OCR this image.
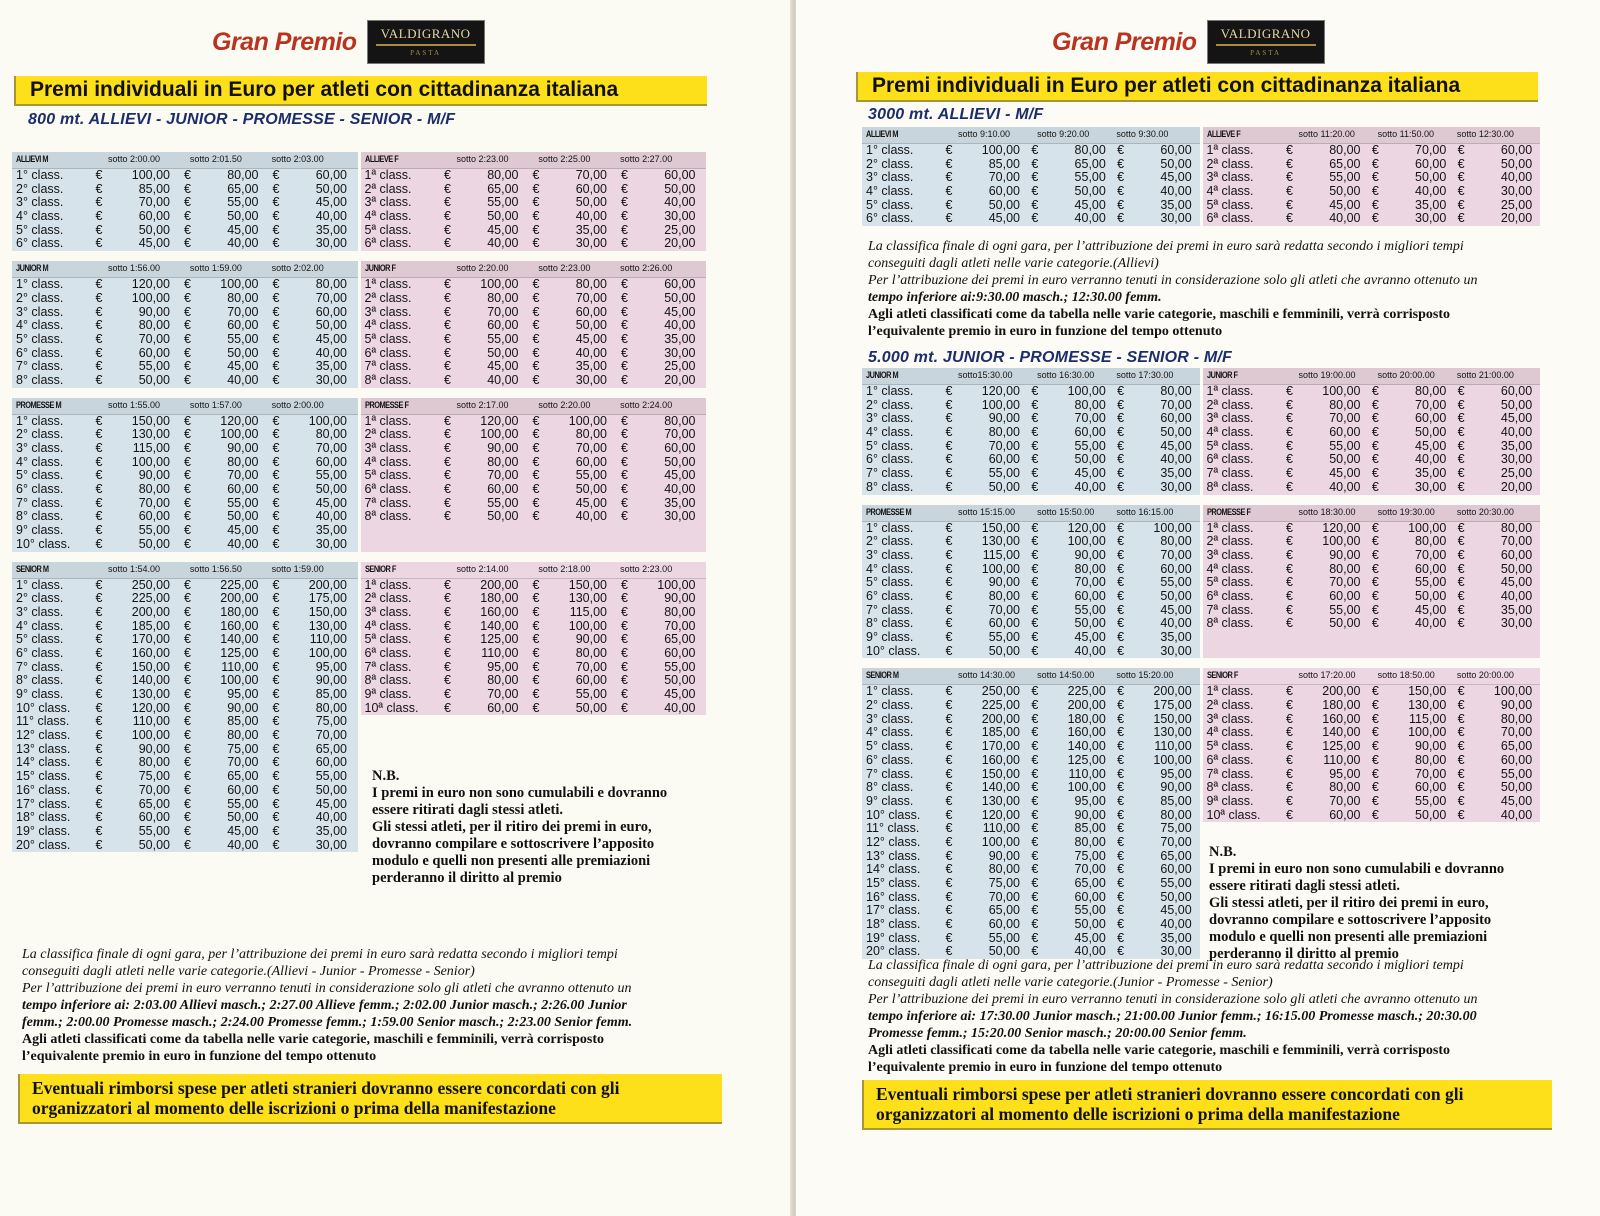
Gran Premio VALDIGRANO
PASTA
Premi individuali in Euro per atleti con cittadinanza italiana
800 mt. ALLIEVI - JUNIOR - PROMESSE - SENIOR - M/F
ALLIEVI M	sotto 2:00.00	sotto 2:01.50	sotto 2:03.00
1° class.	€	100,00	€	80,00	€	60,00
2° class.	€	85,00	€	65,00	€	50,00
3° class.	€	70,00	€	55,00	€	45,00
4° class.	€	60,00	€	50,00	€	40,00
5° class.	€	50,00	€	45,00	€	35,00
6° class.	€	45,00	€	40,00	€	30,00
ALLIEVE F	sotto 2:23.00	sotto 2:25.00	sotto 2:27.00
1ª class.	€	80,00	€	70,00	€	60,00
2ª class.	€	65,00	€	60,00	€	50,00
3ª class.	€	55,00	€	50,00	€	40,00
4ª class.	€	50,00	€	40,00	€	30,00
5ª class.	€	45,00	€	35,00	€	25,00
6ª class.	€	40,00	€	30,00	€	20,00
JUNIOR M	sotto 1:56.00	sotto 1:59.00	sotto 2:02.00
1° class.	€	120,00	€	100,00	€	80,00
2° class.	€	100,00	€	80,00	€	70,00
3° class.	€	90,00	€	70,00	€	60,00
4° class.	€	80,00	€	60,00	€	50,00
5° class.	€	70,00	€	55,00	€	45,00
6° class.	€	60,00	€	50,00	€	40,00
7° class.	€	55,00	€	45,00	€	35,00
8° class.	€	50,00	€	40,00	€	30,00
JUNIOR F	sotto 2:20.00	sotto 2:23.00	sotto 2:26.00
1ª class.	€	100,00	€	80,00	€	60,00
2ª class.	€	80,00	€	70,00	€	50,00
3ª class.	€	70,00	€	60,00	€	45,00
4ª class.	€	60,00	€	50,00	€	40,00
5ª class.	€	55,00	€	45,00	€	35,00
6ª class.	€	50,00	€	40,00	€	30,00
7ª class.	€	45,00	€	35,00	€	25,00
8ª class.	€	40,00	€	30,00	€	20,00
PROMESSE M	sotto 1:55.00	sotto 1:57.00	sotto 2:00.00
1° class.	€	150,00	€	120,00	€	100,00
2° class.	€	130,00	€	100,00	€	80,00
3° class.	€	115,00	€	90,00	€	70,00
4° class.	€	100,00	€	80,00	€	60,00
5° class.	€	90,00	€	70,00	€	55,00
6° class.	€	80,00	€	60,00	€	50,00
7° class.	€	70,00	€	55,00	€	45,00
8° class.	€	60,00	€	50,00	€	40,00
9° class.	€	55,00	€	45,00	€	35,00
10° class.	€	50,00	€	40,00	€	30,00
PROMESSE F	sotto 2:17.00	sotto 2:20.00	sotto 2:24.00
1ª class.	€	120,00	€	100,00	€	80,00
2ª class.	€	100,00	€	80,00	€	70,00
3ª class.	€	90,00	€	70,00	€	60,00
4ª class.	€	80,00	€	60,00	€	50,00
5ª class.	€	70,00	€	55,00	€	45,00
6ª class.	€	60,00	€	50,00	€	40,00
7ª class.	€	55,00	€	45,00	€	35,00
8ª class.	€	50,00	€	40,00	€	30,00
SENIOR M	sotto 1:54.00	sotto 1:56.50	sotto 1:59.00
1° class.	€	250,00	€	225,00	€	200,00
2° class.	€	225,00	€	200,00	€	175,00
3° class.	€	200,00	€	180,00	€	150,00
4° class.	€	185,00	€	160,00	€	130,00
5° class.	€	170,00	€	140,00	€	110,00
6° class.	€	160,00	€	125,00	€	100,00
7° class.	€	150,00	€	110,00	€	95,00
8° class.	€	140,00	€	100,00	€	90,00
9° class.	€	130,00	€	95,00	€	85,00
10° class.	€	120,00	€	90,00	€	80,00
11° class.	€	110,00	€	85,00	€	75,00
12° class.	€	100,00	€	80,00	€	70,00
13° class.	€	90,00	€	75,00	€	65,00
14° class.	€	80,00	€	70,00	€	60,00
15° class.	€	75,00	€	65,00	€	55,00
16° class.	€	70,00	€	60,00	€	50,00
17° class.	€	65,00	€	55,00	€	45,00
18° class.	€	60,00	€	50,00	€	40,00
19° class.	€	55,00	€	45,00	€	35,00
20° class.	€	50,00	€	40,00	€	30,00
SENIOR F	sotto 2:14.00	sotto 2:18.00	sotto 2:23.00
1ª class.	€	200,00	€	150,00	€	100,00
2ª class.	€	180,00	€	130,00	€	90,00
3ª class.	€	160,00	€	115,00	€	80,00
4ª class.	€	140,00	€	100,00	€	70,00
5ª class.	€	125,00	€	90,00	€	65,00
6ª class.	€	110,00	€	80,00	€	60,00
7ª class.	€	95,00	€	70,00	€	55,00
8ª class.	€	80,00	€	60,00	€	50,00
9ª class.	€	70,00	€	55,00	€	45,00
10ª class.	€	60,00	€	50,00	€	40,00
N.B.
I premi in euro non sono cumulabili e dovranno
essere ritirati dagli stessi atleti.
Gli stessi atleti, per il ritiro dei premi in euro,
dovranno compilare e sottoscrivere l’apposito
modulo e quelli non presenti alle premiazioni
perderanno il diritto al premio
La classifica finale di ogni gara, per l’attribuzione dei premi in euro sarà redatta secondo i migliori tempi
conseguiti dagli atleti nelle varie categorie.(Allievi - Junior - Promesse - Senior)
Per l’attribuzione dei premi in euro verranno tenuti in considerazione solo gli atleti che avranno ottenuto un
tempo inferiore ai: 2:03.00 Allievi masch.; 2:27.00 Allieve femm.; 2:02.00 Junior masch.; 2:26.00 Junior
femm.; 2:00.00 Promesse masch.; 2:24.00 Promesse femm.; 1:59.00 Senior masch.; 2:23.00 Senior femm.
Agli atleti classificati come da tabella nelle varie categorie, maschili e femminili, verrà corrisposto
l’equivalente premio in euro in funzione del tempo ottenuto
Eventuali rimborsi spese per atleti stranieri dovranno essere concordati con gli
organizzatori al momento delle iscrizioni o prima della manifestazione
Gran Premio VALDIGRANO
PASTA
Premi individuali in Euro per atleti con cittadinanza italiana
3000 mt. ALLIEVI - M/F
ALLIEVI M	sotto 9:10.00	sotto 9:20.00	sotto 9:30.00
1° class.	€	100,00 €	80,00 €	60,00
2° class.	€	85,00 €	65,00 €	50,00
3° class.	€	70,00 €	55,00 €	45,00
4° class.	€	60,00 €	50,00 €	40,00
5° class.	€	50,00 €	45,00 €	35,00
6° class.	€	45,00 €	40,00 €	30,00
ALLIEVE F	sotto 11:20.00	sotto 11:50.00	sotto 12:30.00
1ª class.	€	80,00 €	70,00 €	60,00
2ª class.	€	65,00 €	60,00 €	50,00
3ª class.	€	55,00 €	50,00 €	40,00
4ª class.	€	50,00 €	40,00 €	30,00
5ª class.	€	45,00 €	35,00 €	25,00
6ª class.	€	40,00 €	30,00 €	20,00
La classifica finale di ogni gara, per l’attribuzione dei premi in euro sarà redatta secondo i migliori tempi
conseguiti dagli atleti nelle varie categorie.(Allievi)
Per l’attribuzione dei premi in euro verranno tenuti in considerazione solo gli atleti che avranno ottenuto un
tempo inferiore ai:9:30.00 masch.; 12:30.00 femm.
Agli atleti classificati come da tabella nelle varie categorie, maschili e femminili, verrà corrisposto
l’equivalente premio in euro in funzione del tempo ottenuto
5.000 mt. JUNIOR - PROMESSE - SENIOR - M/F
JUNIOR M	sotto15:30.00	sotto 16:30.00	sotto 17:30.00
1° class.	€	120,00 €	100,00 €	80,00
2° class.	€	100,00 €	80,00 €	70,00
3° class.	€	90,00 €	70,00 €	60,00
4° class.	€	80,00 €	60,00 €	50,00
5° class.	€	70,00 €	55,00 €	45,00
6° class.	€	60,00 €	50,00 €	40,00
7° class.	€	55,00 €	45,00 €	35,00
8° class.	€	50,00 €	40,00 €	30,00
JUNIOR F	sotto 19:00.00	sotto 20:00.00	sotto 21:00.00
1ª class.	€	100,00 €	80,00 €	60,00
2ª class.	€	80,00 €	70,00 €	50,00
3ª class.	€	70,00 €	60,00 €	45,00
4ª class.	€	60,00 €	50,00 €	40,00
5ª class.	€	55,00 €	45,00 €	35,00
6ª class.	€	50,00 €	40,00 €	30,00
7ª class.	€	45,00 €	35,00 €	25,00
8ª class.	€	40,00 €	30,00 €	20,00
PROMESSE M	sotto 15:15.00	sotto 15:50.00	sotto 16:15.00
1° class.	€	150,00 €	120,00 €	100,00
2° class.	€	130,00 €	100,00 €	80,00
3° class.	€	115,00 €	90,00 €	70,00
4° class.	€	100,00 €	80,00 €	60,00
5° class.	€	90,00 €	70,00 €	55,00
6° class.	€	80,00 €	60,00 €	50,00
7° class.	€	70,00 €	55,00 €	45,00
8° class.	€	60,00 €	50,00 €	40,00
9° class.	€	55,00 €	45,00 €	35,00
10° class.	€	50,00 €	40,00 €	30,00
PROMESSE F	sotto 18:30.00	sotto 19:30.00	sotto 20:30.00
1ª class.	€	120,00 €	100,00 €	80,00
2ª class.	€	100,00 €	80,00 €	70,00
3ª class.	€	90,00 €	70,00 €	60,00
4ª class.	€	80,00 €	60,00 €	50,00
5ª class.	€	70,00 €	55,00 €	45,00
6ª class.	€	60,00 €	50,00 €	40,00
7ª class.	€	55,00 €	45,00 €	35,00
8ª class.	€	50,00 €	40,00 €	30,00
SENIOR M	sotto 14:30.00	sotto 14:50.00	sotto 15:20.00
1° class.	€	250,00 €	225,00 €	200,00
2° class.	€	225,00 €	200,00 €	175,00
3° class.	€	200,00 €	180,00 €	150,00
4° class.	€	185,00 €	160,00 €	130,00
5° class.	€	170,00 €	140,00 €	110,00
6° class.	€	160,00 €	125,00 €	100,00
7° class.	€	150,00 €	110,00 €	95,00
8° class.	€	140,00 €	100,00 €	90,00
9° class.	€	130,00 €	95,00 €	85,00
10° class.	€	120,00 €	90,00 €	80,00
11° class.	€	110,00 €	85,00 €	75,00
12° class.	€	100,00 €	80,00 €	70,00
13° class.	€	90,00 €	75,00 €	65,00
14° class.	€	80,00 €	70,00 €	60,00
15° class.	€	75,00 €	65,00 €	55,00
16° class.	€	70,00 €	60,00 €	50,00
17° class.	€	65,00 €	55,00 €	45,00
18° class.	€	60,00 €	50,00 €	40,00
19° class.	€	55,00 €	45,00 €	35,00
20° class.	€	50,00 €	40,00 €	30,00
SENIOR F	sotto 17:20.00	sotto 18:50.00	sotto 20:00.00
1ª class.	€	200,00 €	150,00 €	100,00
2ª class.	€	180,00 €	130,00 €	90,00
3ª class.	€	160,00 €	115,00 €	80,00
4ª class.	€	140,00 €	100,00 €	70,00
5ª class.	€	125,00 €	90,00 €	65,00
6ª class.	€	110,00 €	80,00 €	60,00
7ª class.	€	95,00 €	70,00 €	55,00
8ª class.	€	80,00 €	60,00 €	50,00
9ª class.	€	70,00 €	55,00 €	45,00
10ª class.	€	60,00 €	50,00 €	40,00
N.B.
I premi in euro non sono cumulabili e dovranno
essere ritirati dagli stessi atleti.
Gli stessi atleti, per il ritiro dei premi in euro,
dovranno compilare e sottoscrivere l’apposito
modulo e quelli non presenti alle premiazioni
perderanno il diritto al premio
La classifica finale di ogni gara, per l’attribuzione dei premi in euro sarà redatta secondo i migliori tempi
conseguiti dagli atleti nelle varie categorie.(Junior - Promesse - Senior)
Per l’attribuzione dei premi in euro verranno tenuti in considerazione solo gli atleti che avranno ottenuto un
tempo inferiore ai: 17:30.00 Junior masch.; 21:00.00 Junior femm.; 16:15.00 Promesse masch.; 20:30.00
Promesse femm.; 15:20.00 Senior masch.; 20:00.00 Senior femm.
Agli atleti classificati come da tabella nelle varie categorie, maschili e femminili, verrà corrisposto
l’equivalente premio in euro in funzione del tempo ottenuto
Eventuali rimborsi spese per atleti stranieri dovranno essere concordati con gli
organizzatori al momento delle iscrizioni o prima della manifestazione
